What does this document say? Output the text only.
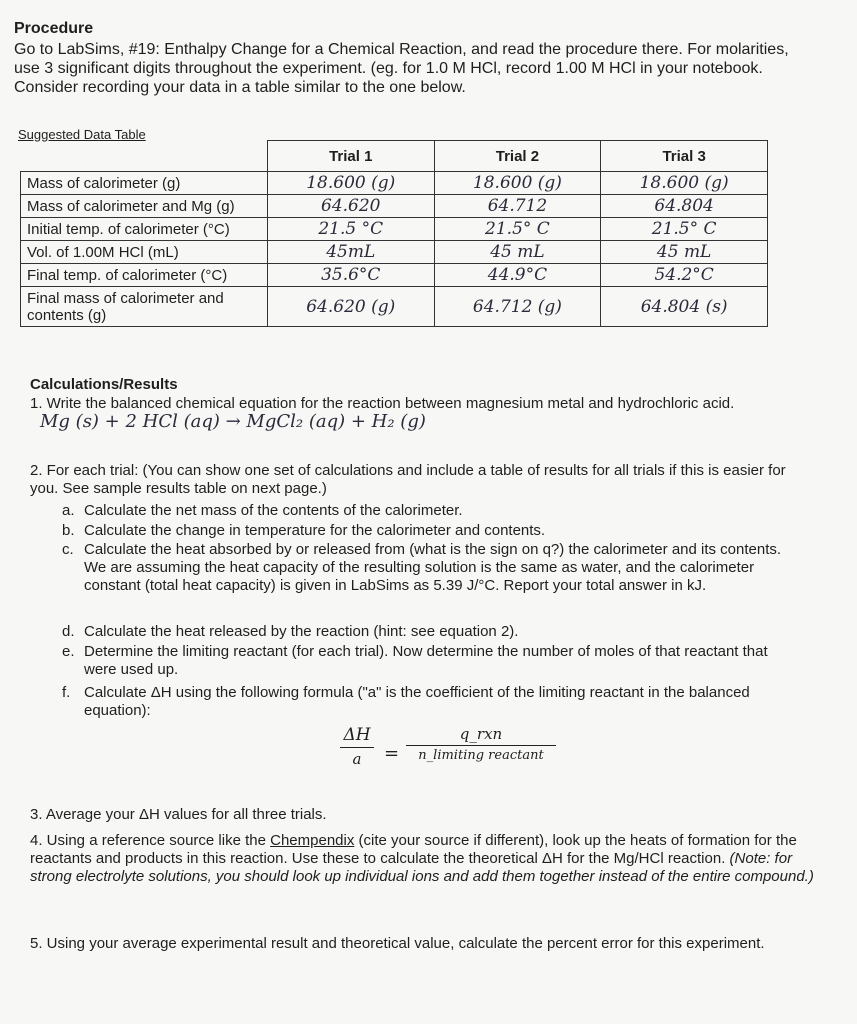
Procedure
Go to LabSims, #19: Enthalpy Change for a Chemical Reaction, and read the procedure there. For molarities, use 3 significant digits throughout the experiment. (eg. for 1.0 M HCl, record 1.00 M HCl in your notebook. Consider recording your data in a table similar to the one below.
Suggested Data Table
	Trial 1	Trial 2	Trial 3
Mass of calorimeter (g)	18.600 (g)	18.600 (g)	18.600 (g)
Mass of calorimeter and Mg (g)	64.620	64.712	64.804
Initial temp. of calorimeter (°C)	21.5 °C	21.5° C	21.5° C
Vol. of 1.00M HCl (mL)	45mL	45 mL	45 mL
Final temp. of calorimeter (°C)	35.6°C	44.9°C	54.2°C
Final mass of calorimeter and contents (g)	64.620 (g)	64.712 (g)	64.804 (s)
Calculations/Results
1. Write the balanced chemical equation for the reaction between magnesium metal and hydrochloric acid. Mg (s) + 2 HCl (aq) → MgCl₂ (aq) + H₂ (g)
2. For each trial: (You can show one set of calculations and include a table of results for all trials if this is easier for you. See sample results table on next page.)
a. Calculate the net mass of the contents of the calorimeter.
b. Calculate the change in temperature for the calorimeter and contents.
c. Calculate the heat absorbed by or released from (what is the sign on q?) the calorimeter and its contents. We are assuming the heat capacity of the resulting solution is the same as water, and the calorimeter constant (total heat capacity) is given in LabSims as 5.39 J/°C. Report your total answer in kJ.
d. Calculate the heat released by the reaction (hint: see equation 2).
e. Determine the limiting reactant (for each trial). Now determine the number of moles of that reactant that were used up.
f. Calculate ΔH using the following formula ("a" is the coefficient of the limiting reactant in the balanced equation):
ΔH
a	=
q_rxn
n_limiting reactant
3. Average your ΔH values for all three trials.
4. Using a reference source like the Chempendix (cite your source if different), look up the heats of formation for the reactants and products in this reaction. Use these to calculate the theoretical ΔH for the Mg/HCl reaction. (Note: for strong electrolyte solutions, you should look up individual ions and add them together instead of the entire compound.)
5. Using your average experimental result and theoretical value, calculate the percent error for this experiment.
